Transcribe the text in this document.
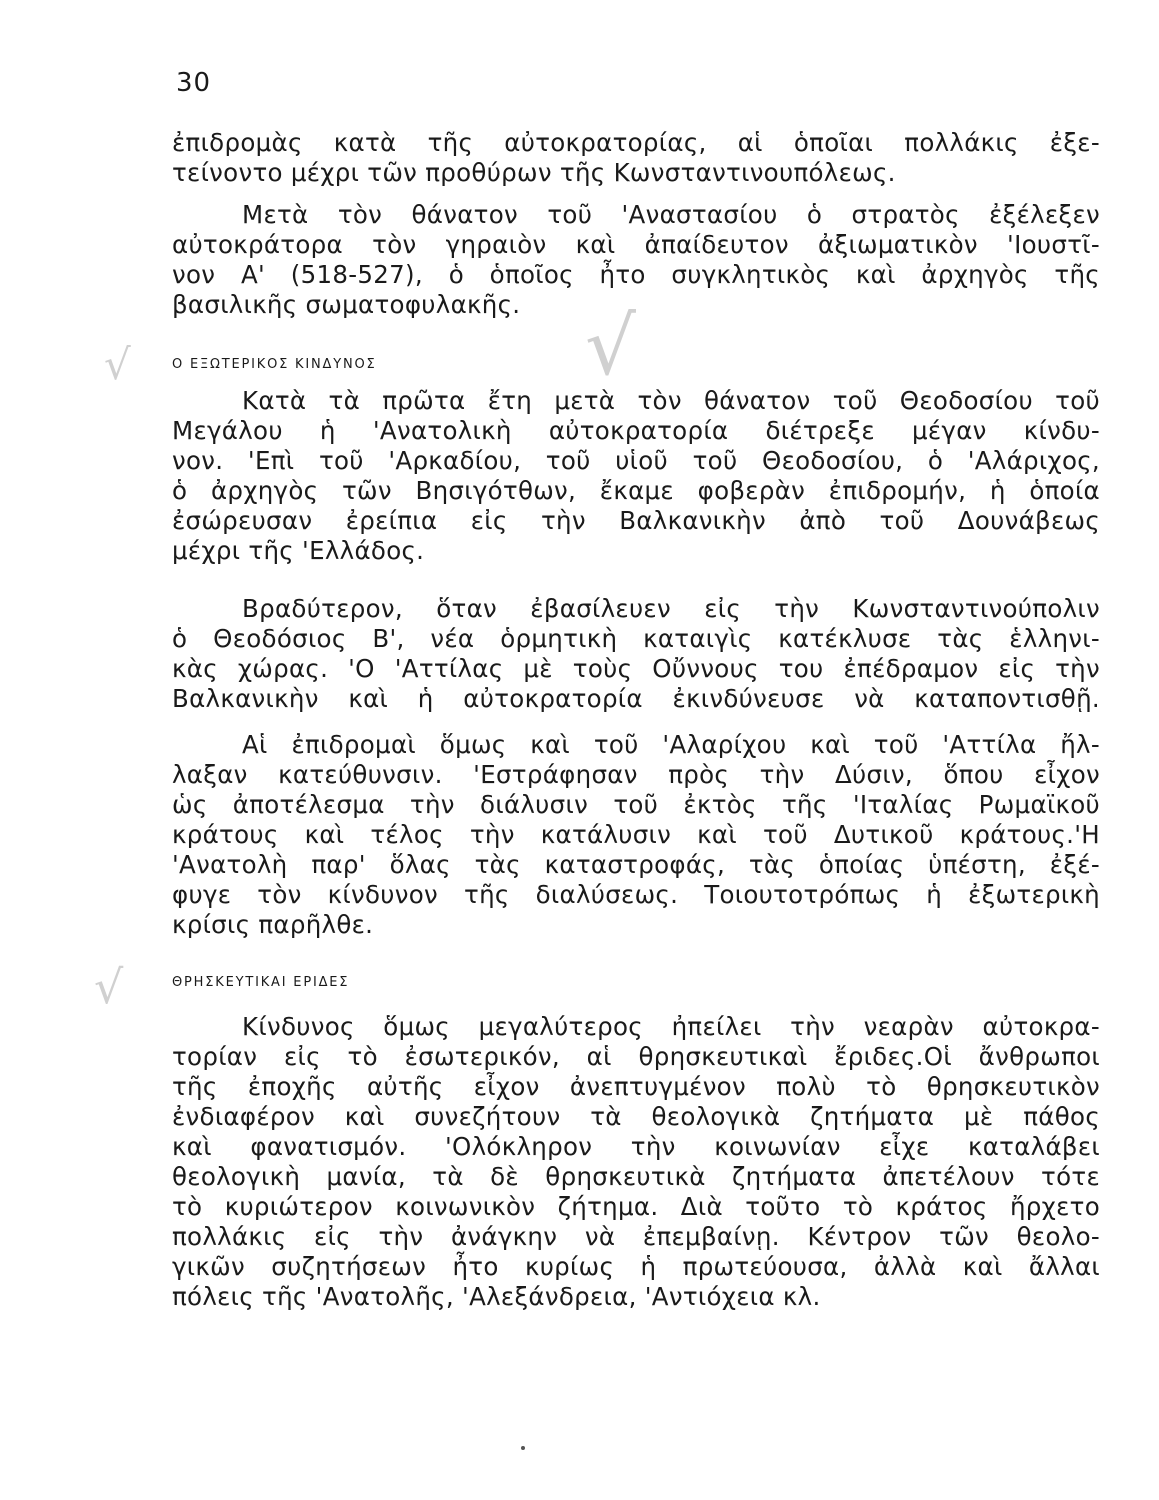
30
√	√
√
ἐπιδρομὰς κατὰ τῆς αὐτοκρατορίας, αἱ ὁποῖαι πολλάκις ἐξε-
τείνοντο μέχρι τῶν προθύρων τῆς Κωνσταντινουπόλεως.
Μετὰ τὸν θάνατον τοῦ 'Αναστασίου ὁ στρατὸς ἐξέλεξεν
αὐτοκράτορα τὸν γηραιὸν καὶ ἀπαίδευτον ἀξιωματικὸν 'Ιουστῖ-
νον Α' (518-527), ὁ ὁποῖος ἦτο συγκλητικὸς καὶ ἀρχηγὸς τῆς
βασιλικῆς σωματοφυλακῆς.
Ο ΕΞΩΤΕΡΙΚΟΣ ΚΙΝΔΥΝΟΣ
Κατὰ τὰ πρῶτα ἔτη μετὰ τὸν θάνατον τοῦ Θεοδοσίου τοῦ
Μεγάλου ἡ 'Ανατολικὴ αὐτοκρατορία διέτρεξε μέγαν κίνδυ-
νον. 'Επὶ τοῦ 'Αρκαδίου, τοῦ υἱοῦ τοῦ Θεοδοσίου, ὁ 'Αλάριχος,
ὁ ἀρχηγὸς τῶν Βησιγότθων, ἔκαμε φοβερὰν ἐπιδρομήν, ἡ ὁποία
ἐσώρευσαν ἐρείπια εἰς τὴν Βαλκανικὴν ἀπὸ τοῦ Δουνάβεως
μέχρι τῆς 'Ελλάδος.
Βραδύτερον, ὅταν ἐβασίλευεν εἰς τὴν Κωνσταντινούπολιν
ὁ Θεοδόσιος Β', νέα ὁρμητικὴ καταιγὶς κατέκλυσε τὰς ἑλληνι-
κὰς χώρας. 'Ο 'Αττίλας μὲ τοὺς Οὔννους του ἐπέδραμον εἰς τὴν
Βαλκανικὴν καὶ ἡ αὐτοκρατορία ἐκινδύνευσε νὰ καταποντισθῇ.
Αἱ ἐπιδρομαὶ ὅμως καὶ τοῦ 'Αλαρίχου καὶ τοῦ 'Αττίλα ἤλ-
λαξαν κατεύθυνσιν. 'Εστράφησαν πρὸς τὴν Δύσιν, ὅπου εἶχον
ὡς ἀποτέλεσμα τὴν διάλυσιν τοῦ ἐκτὸς τῆς 'Ιταλίας Ρωμαϊκοῦ
κράτους καὶ τέλος τὴν κατάλυσιν καὶ τοῦ Δυτικοῦ κράτους.'Η
'Ανατολὴ παρ' ὅλας τὰς καταστροφάς, τὰς ὁποίας ὑπέστη, ἐξέ-
φυγε τὸν κίνδυνον τῆς διαλύσεως. Τοιουτοτρόπως ἡ ἐξωτερικὴ
κρίσις παρῆλθε.
ΘΡΗΣΚΕΥΤΙΚΑΙ ΕΡΙΔΕΣ
Κίνδυνος ὅμως μεγαλύτερος ἠπείλει τὴν νεαρὰν αὐτοκρα-
τορίαν εἰς τὸ ἐσωτερικόν, αἱ θρησκευτικαὶ ἔριδες.Οἱ ἄνθρωποι
τῆς ἐποχῆς αὐτῆς εἶχον ἀνεπτυγμένον πολὺ τὸ θρησκευτικὸν
ἐνδιαφέρον καὶ συνεζήτουν τὰ θεολογικὰ ζητήματα μὲ πάθος
καὶ φανατισμόν. 'Ολόκληρον τὴν κοινωνίαν εἶχε καταλάβει
θεολογικὴ μανία, τὰ δὲ θρησκευτικὰ ζητήματα ἀπετέλουν τότε
τὸ κυριώτερον κοινωνικὸν ζήτημα. Διὰ τοῦτο τὸ κράτος ἤρχετο
πολλάκις εἰς τὴν ἀνάγκην νὰ ἐπεμβαίνῃ. Κέντρον τῶν θεολο-
γικῶν συζητήσεων ἦτο κυρίως ἡ πρωτεύουσα, ἀλλὰ καὶ ἄλλαι
πόλεις τῆς 'Ανατολῆς, 'Αλεξάνδρεια, 'Αντιόχεια κλ.
